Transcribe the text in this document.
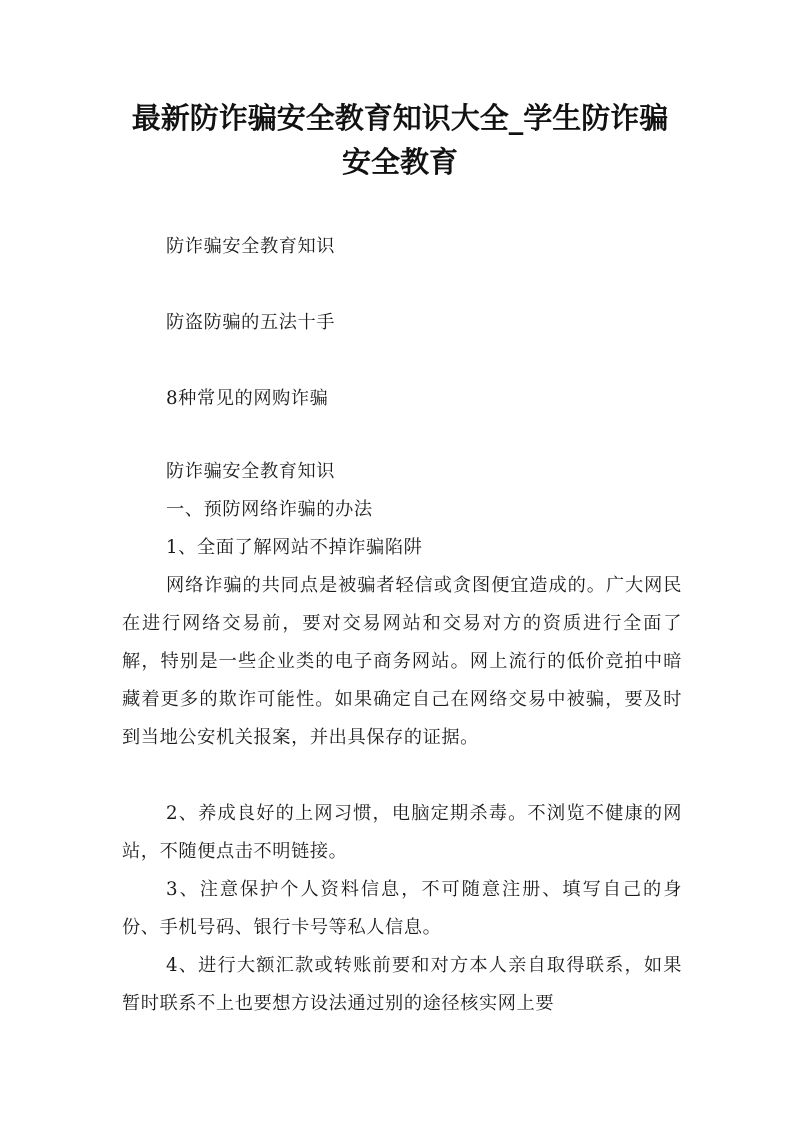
最新防诈骗安全教育知识大全_学生防诈骗
安全教育

防诈骗安全教育知识

防盗防骗的五法十手

8种常见的网购诈骗

防诈骗安全教育知识

一、预防网络诈骗的办法

1、全面了解网站不掉诈骗陷阱

网络诈骗的共同点是被骗者轻信或贪图便宜造成的。广大网民在进行网络交易前，要对交易网站和交易对方的资质进行全面了解，特别是一些企业类的电子商务网站。网上流行的低价竞拍中暗藏着更多的欺诈可能性。如果确定自己在网络交易中被骗，要及时到当地公安机关报案，并出具保存的证据。

2、养成良好的上网习惯，电脑定期杀毒。不浏览不健康的网站，不随便点击不明链接。

3、注意保护个人资料信息，不可随意注册、填写自己的身份、手机号码、银行卡号等私人信息。

4、进行大额汇款或转账前要和对方本人亲自取得联系，如果暂时联系不上也要想方设法通过别的途径核实网上要
